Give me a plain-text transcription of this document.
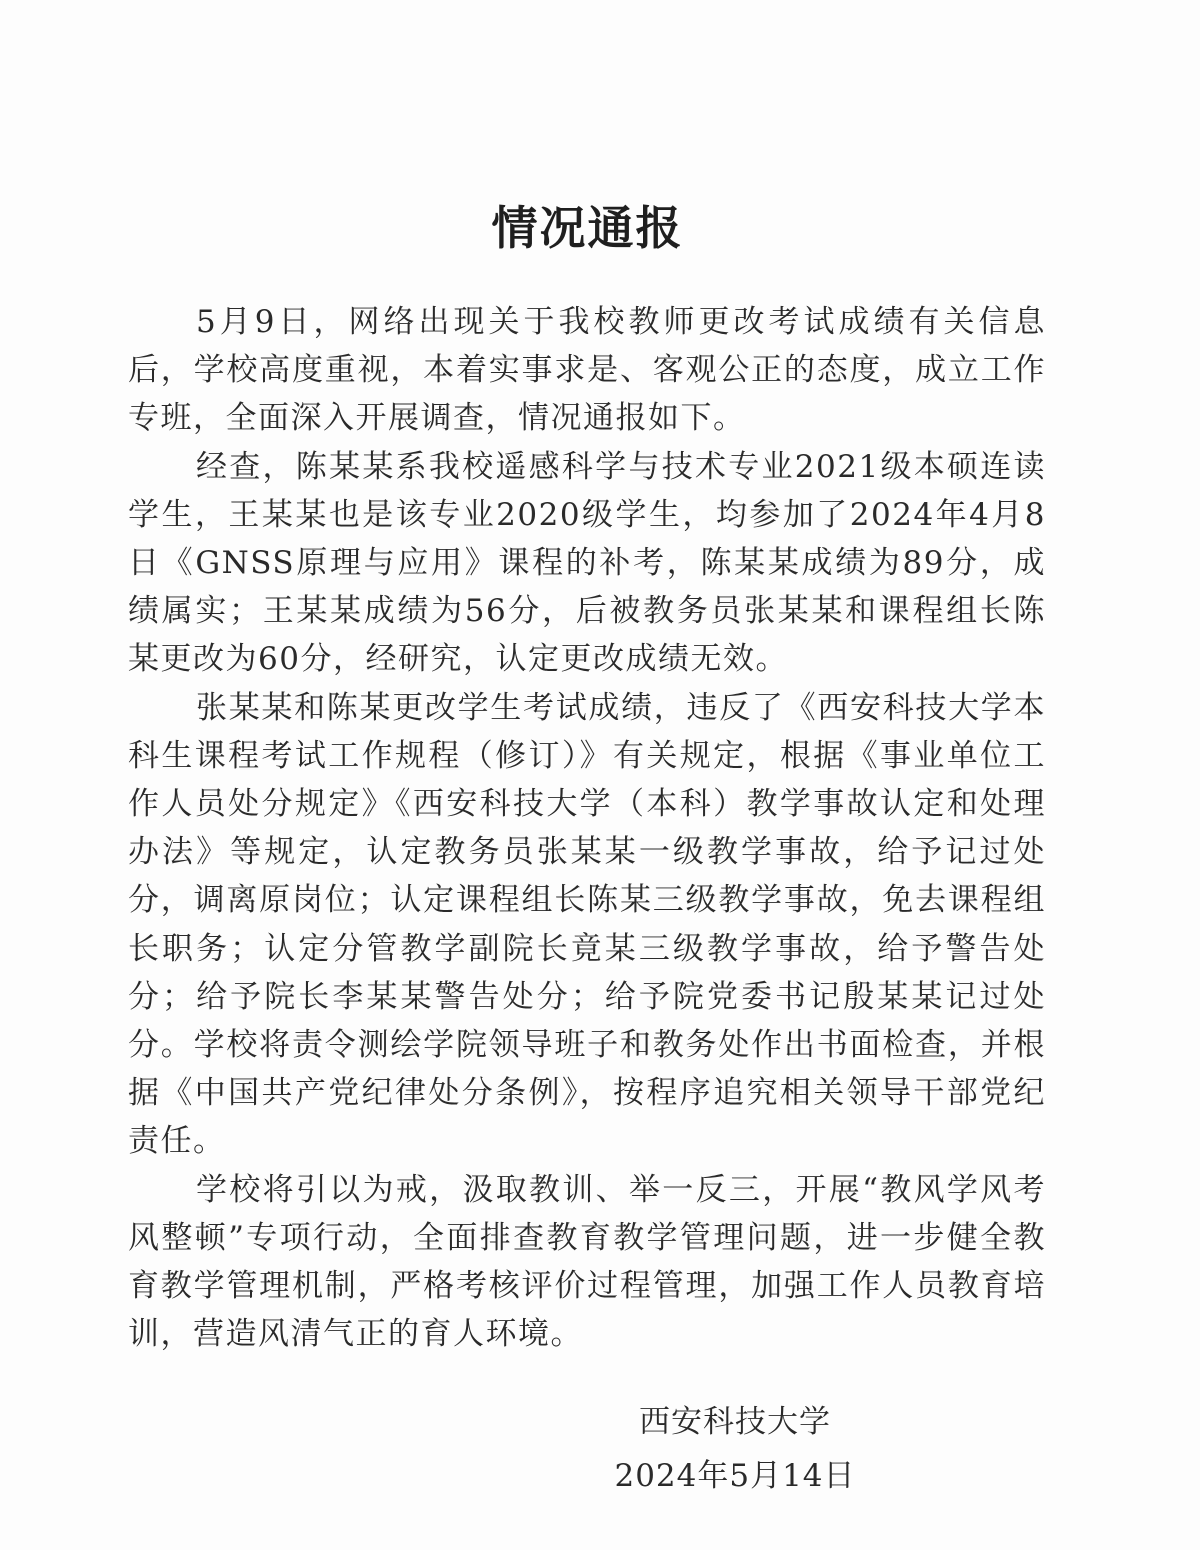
情况通报

5月9日，网络出现关于我校教师更改考试成绩有关信息后，学校高度重视，本着实事求是、客观公正的态度，成立工作专班，全面深入开展调查，情况通报如下。

经查，陈某某系我校遥感科学与技术专业2021级本硕连读学生，王某某也是该专业2020级学生，均参加了2024年4月8日《GNSS原理与应用》课程的补考，陈某某成绩为89分，成绩属实；王某某成绩为56分，后被教务员张某某和课程组长陈某更改为60分，经研究，认定更改成绩无效。

张某某和陈某更改学生考试成绩，违反了《西安科技大学本科生课程考试工作规程（修订）》有关规定，根据《事业单位工作人员处分规定》《西安科技大学（本科）教学事故认定和处理办法》等规定，认定教务员张某某一级教学事故，给予记过处分，调离原岗位；认定课程组长陈某三级教学事故，免去课程组长职务；认定分管教学副院长竟某三级教学事故，给予警告处分；给予院长李某某警告处分；给予院党委书记殷某某记过处分。学校将责令测绘学院领导班子和教务处作出书面检查，并根据《中国共产党纪律处分条例》，按程序追究相关领导干部党纪责任。

学校将引以为戒，汲取教训、举一反三，开展“教风学风考风整顿”专项行动，全面排查教育教学管理问题，进一步健全教育教学管理机制，严格考核评价过程管理，加强工作人员教育培训，营造风清气正的育人环境。

西安科技大学
2024年5月14日
